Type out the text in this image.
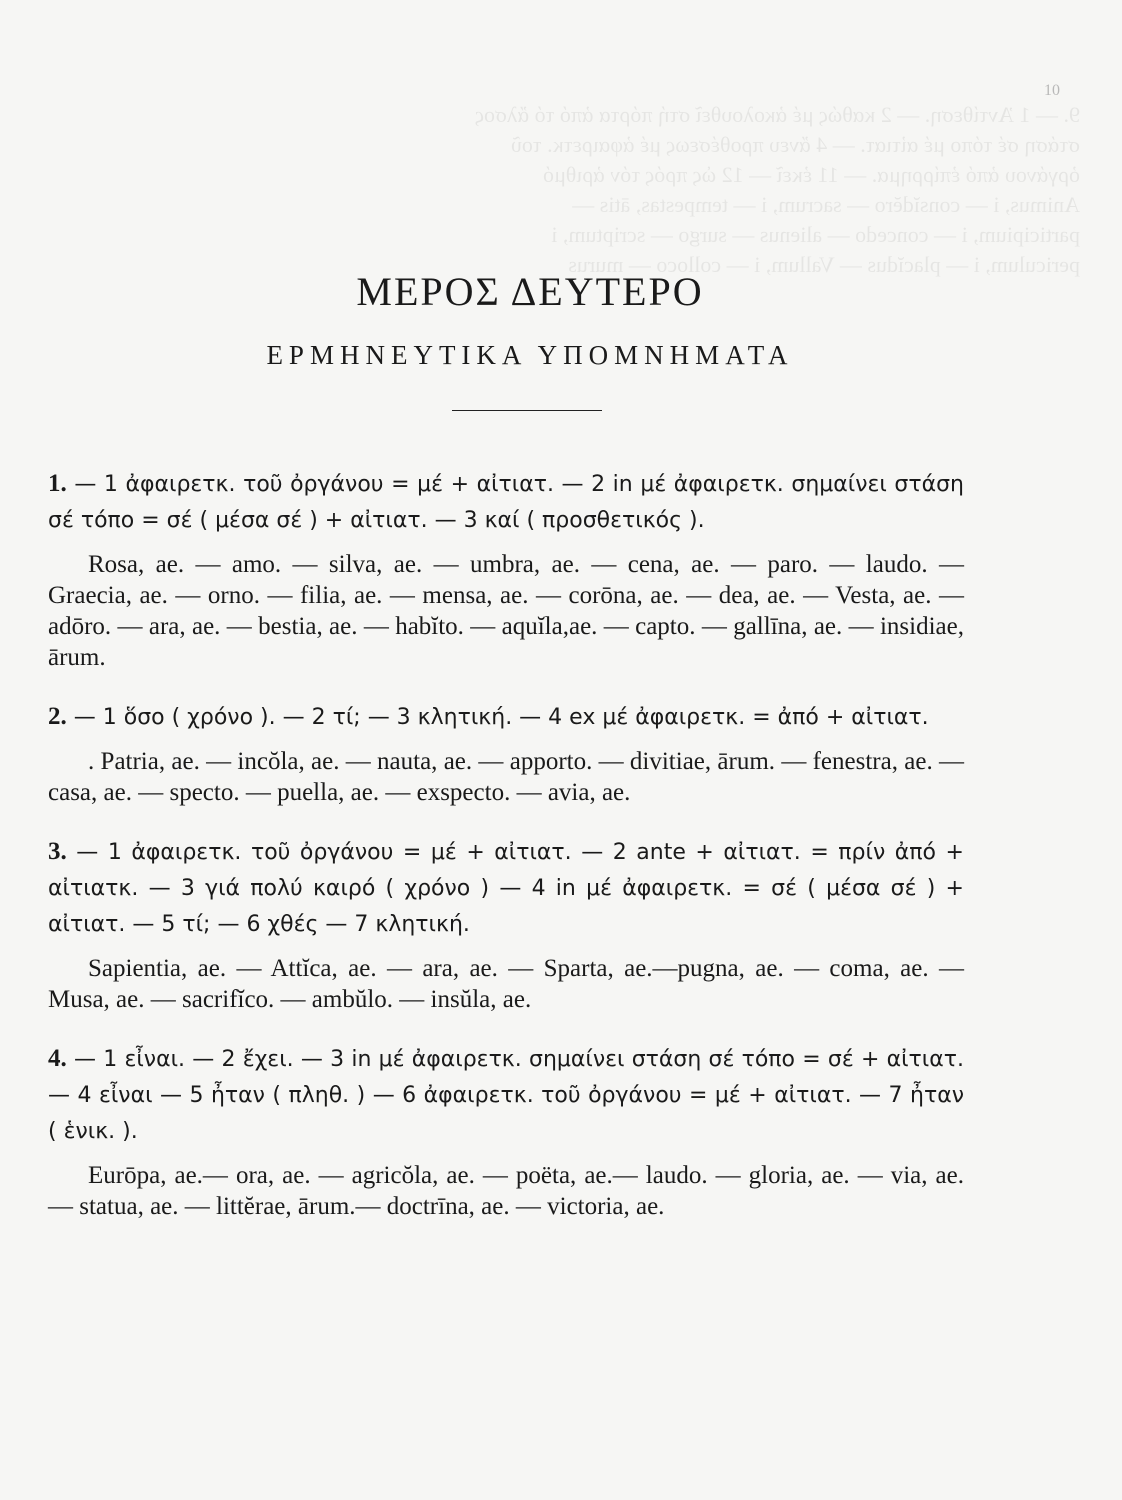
9. — 1 Ἀντίθεση. — 2 καθώς μέ ἀκολουθεῖ στή πόρτα ἀπό τό ἄλσος
στάση σέ τόπο μέ αἰτιατ. — 4 ἄνευ προθέσεως μέ ἀφαιρετκ. τοῦ
ὀργάνου ἀπό ἐπίρρημα. — 11 ἐκεῖ — 12 ὡς πρός τόν ἀριθμό
Animus, i — consĭdĕro — sacrum, i — tempestas, ātis —
participium, i — concedo — alienus — surgo — scriptum, i
periculum, i — placĭdus — Vallum, i — colloco — murus
10
ΜΕΡΟΣ ΔΕΥΤΕΡΟ
ΕΡΜΗΝΕΥΤΙΚΑ ΥΠΟΜΝΗΜΑΤΑ

1. — 1 ἀφαιρετκ. τοῦ ὀργάνου = μέ + αἰτιατ. — 2 in μέ ἀφαιρετκ. σημαίνει στάση σέ τόπο = σέ ( μέσα σέ ) + αἰτιατ. — 3 καί ( προσθετικός ).

Rosa, ae. — amo. — silva, ae. — umbra, ae. — cena, ae. — paro. — laudo. — Graecia, ae. — orno. — filia, ae. — mensa, ae. — corōna, ae. — dea, ae. — Vesta, ae. — adōro. — ara, ae. — bestia, ae. — habĭto. — aquĭla,ae. — capto. — gallīna, ae. — insidiae, ārum.

2. — 1 ὅσο ( χρόνο ). — 2 τί; — 3 κλητική. — 4 ex μέ ἀφαιρετκ. = ἀπό + αἰτιατ.

. Patria, ae. — incŏla, ae. — nauta, ae. — apporto. — divitiae, ārum. — fenestra, ae. — casa, ae. — specto. — puella, ae. — exspecto. — avia, ae.

3. — 1 ἀφαιρετκ. τοῦ ὀργάνου = μέ + αἰτιατ. — 2 ante + αἰτιατ. = πρίν ἀπό + αἰτιατκ. — 3 γιά πολύ καιρό ( χρόνο ) — 4 in μέ ἀφαιρετκ. = σέ ( μέσα σέ ) + αἰτιατ. — 5 τί; — 6 χθές — 7 κλητική.

Sapientia, ae. — Attĭca, ae. — ara, ae. — Sparta, ae.—pugna, ae. — coma, ae. — Musa, ae. — sacrifĭco. — ambŭlo. — insŭla, ae.

4. — 1 εἶναι. — 2 ἔχει. — 3 in μέ ἀφαιρετκ. σημαίνει στάση σέ τόπο = σέ + αἰτιατ. — 4 εἶναι — 5 ἦταν ( πληθ. ) — 6 ἀφαιρετκ. τοῦ ὀργάνου = μέ + αἰτιατ. — 7 ἦταν ( ἑνικ. ).

Eurōpa, ae.— ora, ae. — agricŏla, ae. — poëta, ae.— laudo. — gloria, ae. — via, ae. — statua, ae. — littĕrae, ārum.— doctrīna, ae. — victoria, ae.
